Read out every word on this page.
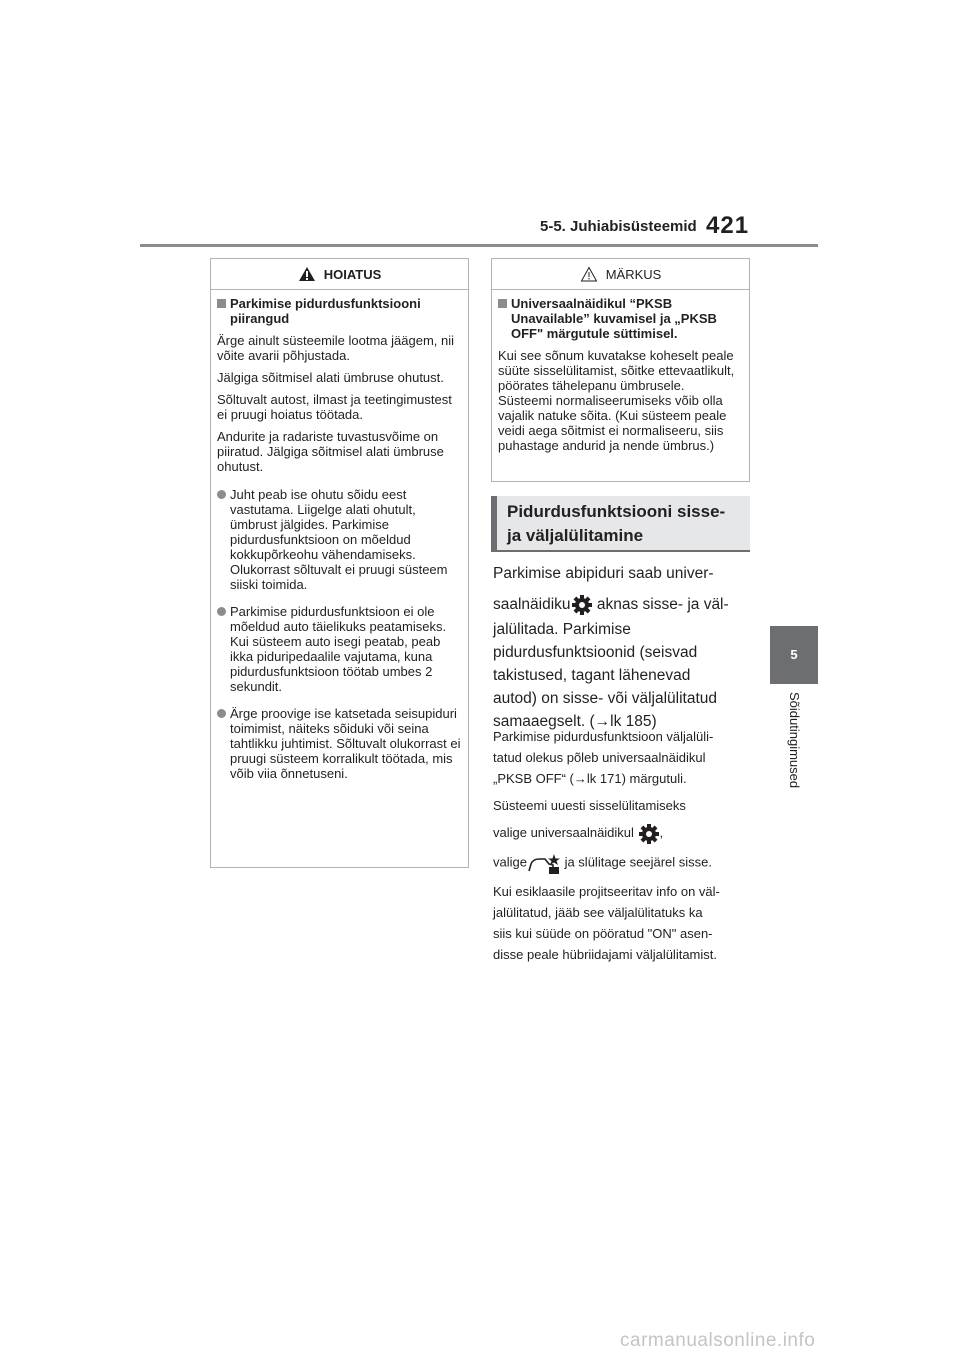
5-5. Juhiabisüsteemid 421
5
Sõidutingimused
HOIATUS
Parkimise pidurdusfunktsiooni piirangud

Ärge ainult süsteemile lootma jäägem, nii võite avarii põhjustada.

Jälgiga sõitmisel alati ümbruse ohutust.

Sõltuvalt autost, ilmast ja teetingimustest ei pruugi hoiatus töötada.

Andurite ja radariste tuvastusvõime on piiratud. Jälgiga sõitmisel alati ümbruse ohutust.

Juht peab ise ohutu sõidu eest vastutama. Liigelge alati ohutult, ümbrust jälgides. Parkimise pidurdusfunktsioon on mõeldud kokkupõrkeohu vähendamiseks. Olukorrast sõltuvalt ei pruugi süsteem siiski toimida.
Parkimise pidurdusfunktsioon ei ole mõeldud auto täielikuks peatamiseks. Kui süsteem auto isegi peatab, peab ikka piduripedaalile vajutama, kuna pidurdusfunktsioon töötab umbes 2 sekundit.
Ärge proovige ise katsetada seisupiduri toimimist, näiteks sõiduki või seina tahtlikku juhtimist. Sõltuvalt olukorrast ei pruugi süsteem korralikult töötada, mis võib viia õnnetuseni.
MÄRKUS
Universaalnäidikul “PKSB Unavailable” kuvamisel ja „PKSB OFF" märgutule süttimisel.

Kui see sõnum kuvatakse koheselt peale süüte sisselülitamist, sõitke ettevaatlikult, pöörates tähelepanu ümbrusele. Süsteemi normaliseerumiseks võib olla vajalik natuke sõita. (Kui süsteem peale veidi aega sõitmist ei normaliseeru, siis puhastage andurid ja nende ümbrus.)

Pidurdusfunktsiooni sisse-
ja väljalülitamine
Parkimise abipiduri saab univer-
saalnäidiku aknas sisse- ja väl-
jalülitada. Parkimise
pidurdusfunktsioonid (seisvad
takistused, tagant lähenevad
autod) on sisse- või väljalülitatud
samaaegselt. (→lk 185)
Parkimise pidurdusfunktsioon väljalüli-
tatud olekus põleb universaalnäidikul
„PKSB OFF“ (→lk 171) märgutuli.
Süsteemi uuesti sisselülitamiseks
valige universaalnäidikul ,
valige	ja slülitage seejärel sisse.
Kui esiklaasile projitseeritav info on väl-
jalülitatud, jääb see väljalülitatuks ka
siis kui süüde on pööratud "ON" asen-
disse peale hübriidajami väljalülitamist.
carmanualsonline.info
